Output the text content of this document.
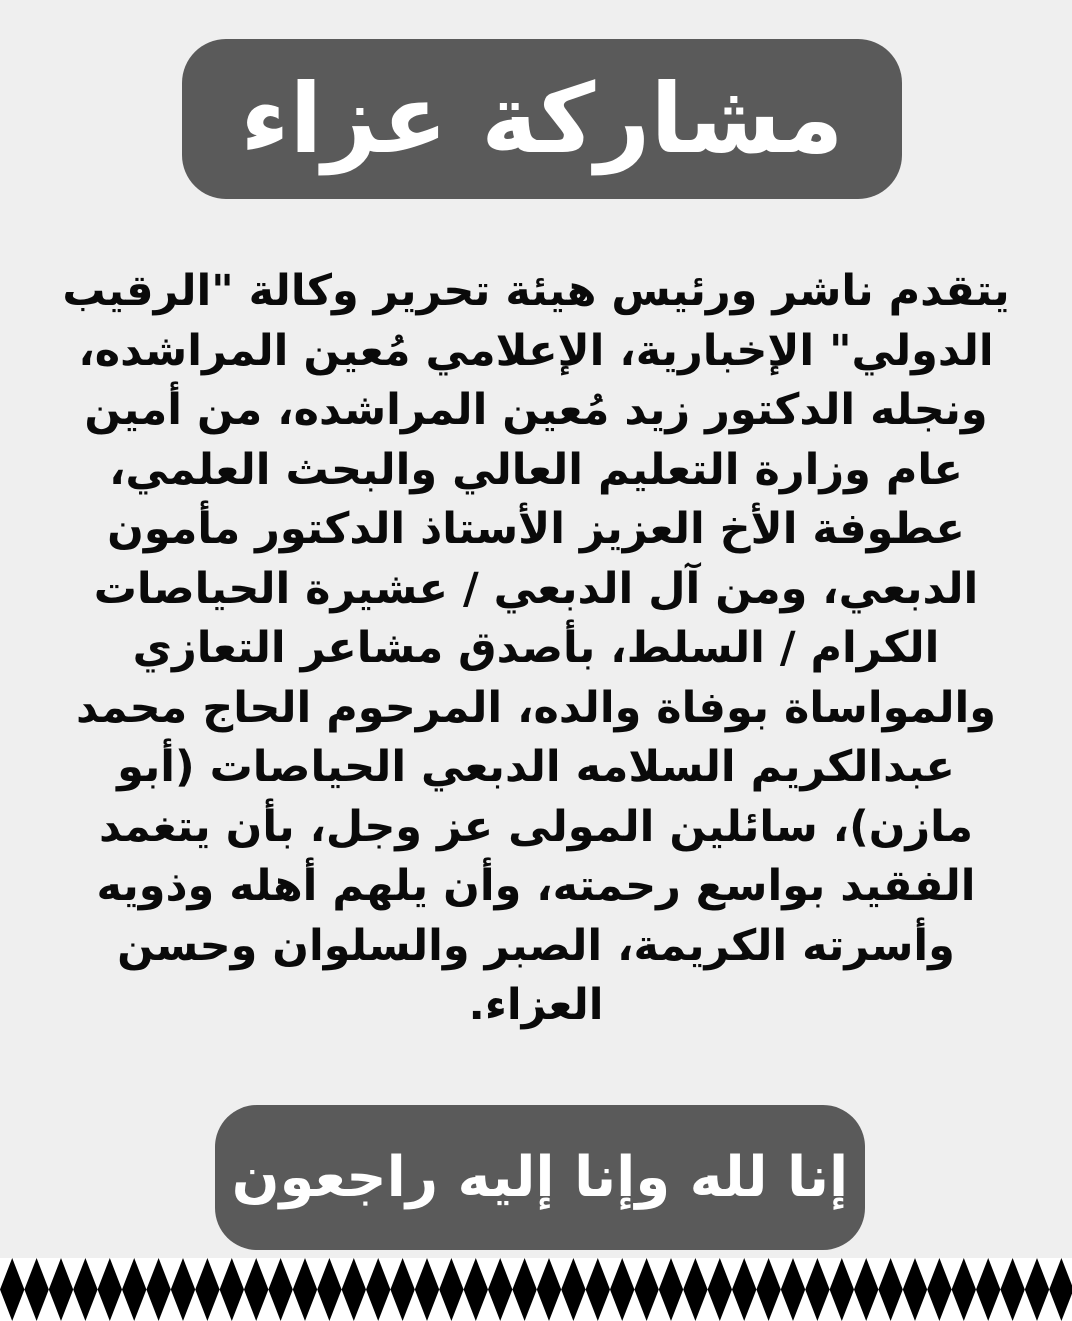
مشاركة عزاء
يتقدم ناشر ورئيس هيئة تحرير وكالة "الرقيب
الدولي" الإخبارية، الإعلامي مُعين المراشده،
ونجله الدكتور زيد مُعين المراشده، من أمين
عام وزارة التعليم العالي والبحث العلمي،
عطوفة الأخ العزيز الأستاذ الدكتور مأمون
الدبعي، ومن آل الدبعي / عشيرة الحياصات
الكرام / السلط، بأصدق مشاعر التعازي
والمواساة بوفاة والده، المرحوم الحاج محمد
عبدالكريم السلامه الدبعي الحياصات (أبو
مازن)، سائلين المولى عز وجل، بأن يتغمد
الفقيد بواسع رحمته، وأن يلهم أهله وذويه
وأسرته الكريمة، الصبر والسلوان وحسن
العزاء.
إنا لله وإنا إليه راجعون
